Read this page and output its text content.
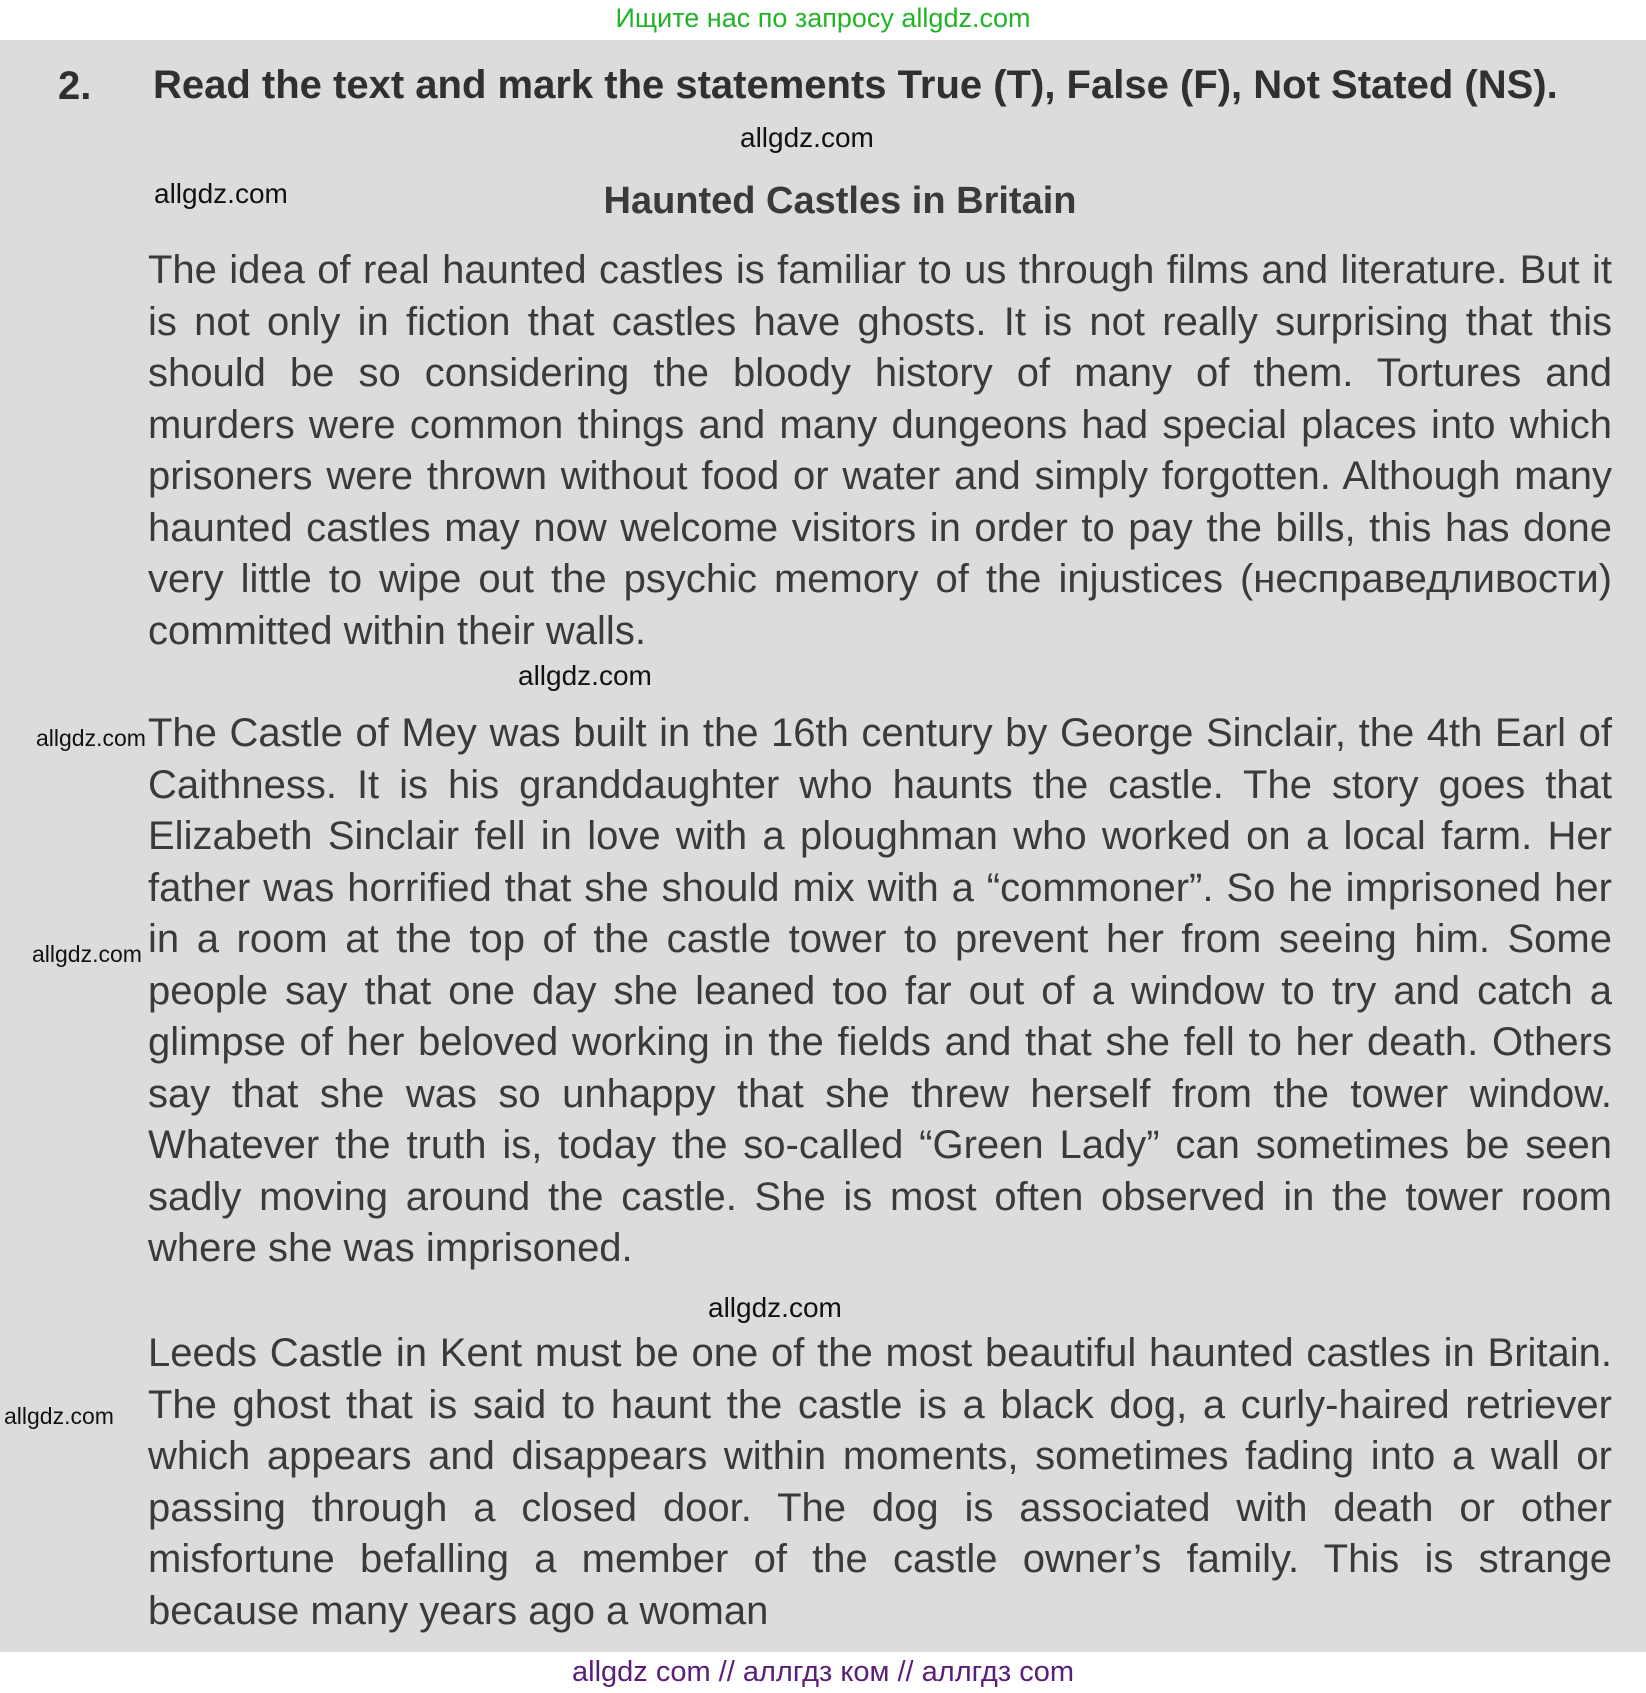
Ищите нас по запросу allgdz.com
2. Read the text and mark the statements True (T), False (F), Not Stated (NS).

Haunted Castles in Britain

The idea of real haunted castles is familiar to us through films and literature. But it is not only in fiction that castles have ghosts. It is not really surprising that this should be so considering the bloody history of many of them. Tortures and murders were common things and many dungeons had special places into which prisoners were thrown without food or water and simply forgotten. Although many haunted castles may now welcome visitors in order to pay the bills, this has done very little to wipe out the psychic memory of the injustices (несправедливости) committed within their walls.

The Castle of Mey was built in the 16th century by George Sinclair, the 4th Earl of Caithness. It is his granddaughter who haunts the castle. The story goes that Elizabeth Sinclair fell in love with a ploughman who worked on a local farm. Her father was horrified that she should mix with a “commoner”. So he imprisoned her in a room at the top of the castle tower to prevent her from seeing him. Some people say that one day she leaned too far out of a window to try and catch a glimpse of her beloved working in the fields and that she fell to her death. Others say that she was so unhappy that she threw herself from the tower window. Whatever the truth is, today the so-called “Green Lady” can sometimes be seen sadly moving around the castle. She is most often observed in the tower room where she was imprisoned.

Leeds Castle in Kent must be one of the most beautiful haunted castles in Britain. The ghost that is said to haunt the castle is a black dog, a curly-haired retriever which appears and disappears within moments, sometimes fading into a wall or passing through a closed door. The dog is associated with death or other misfortune befalling a member of the castle owner’s family. This is strange because many years ago a woman

allgdz.com
allgdz.com
allgdz.com
allgdz.com
allgdz.com
allgdz.com
allgdz.com
allgdz com // аллгдз ком // аллгдз com
